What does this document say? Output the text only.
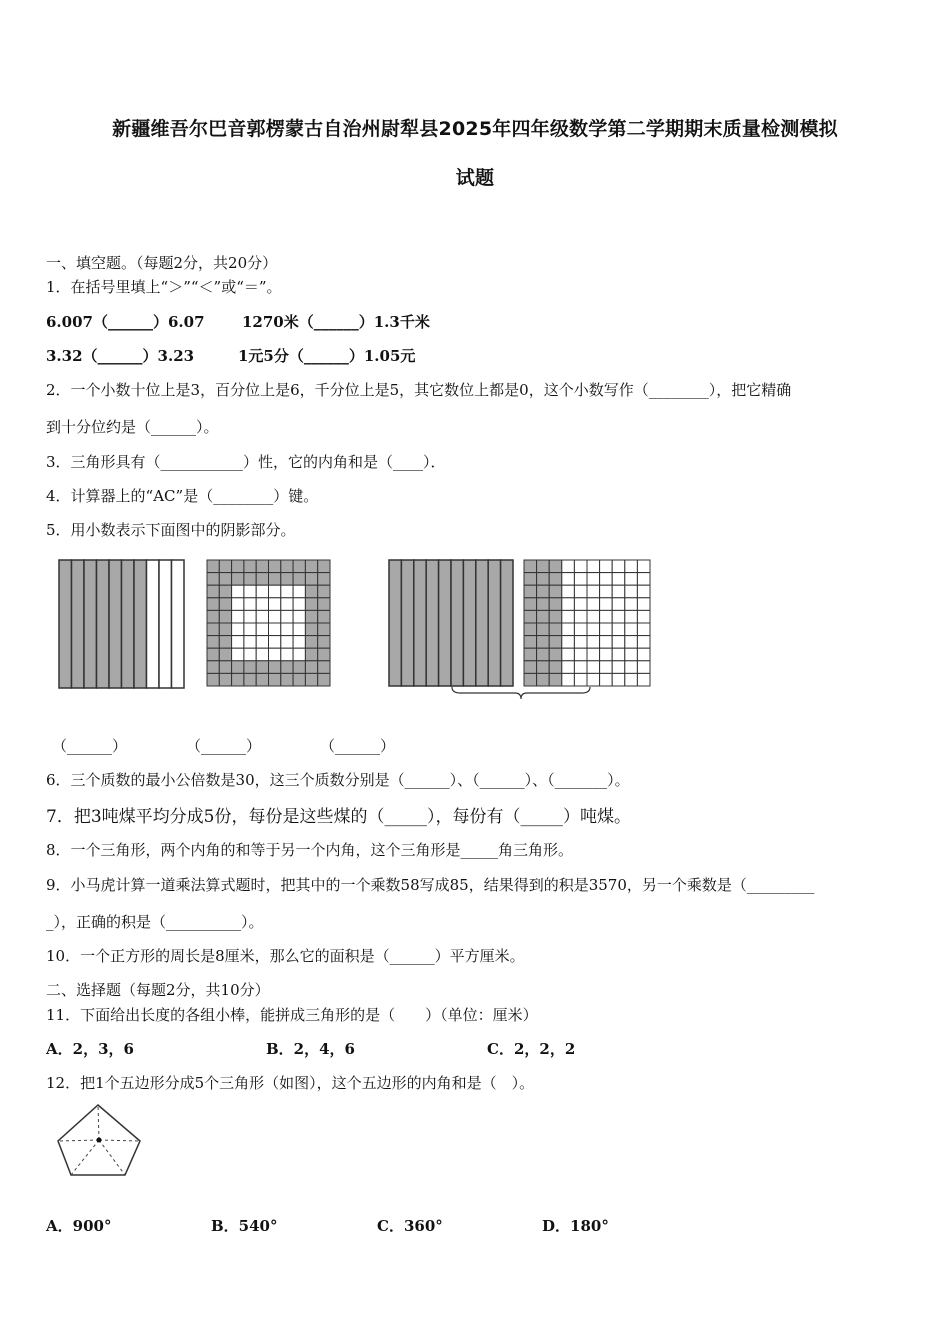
新疆维吾尔巴音郭楞蒙古自治州尉犁县2025年四年级数学第二学期期末质量检测模拟
试题
一、填空题。（每题2分，共20分）
1．在括号里填上“＞”“＜”或“＝”。
6.007（______）6.07 1270米（______）1.3千米
3.32（______）3.23	1元5分（______）1.05元
2．一个小数十位上是3，百分位上是6，千分位上是5，其它数位上都是0，这个小数写作（________），把它精确
到十分位约是（______）。
3．三角形具有（___________）性，它的内角和是（____）．
4．计算器上的“AC”是（________）键。
5．用小数表示下面图中的阴影部分。
（______）	（______）	（______）
6．三个质数的最小公倍数是30，这三个质数分别是（______）、（______）、（_______）。
7．把3吨煤平均分成5份，每份是这些煤的（_____），每份有（_____）吨煤。
8．一个三角形，两个内角的和等于另一个内角，这个三角形是_____角三角形。
9．小马虎计算一道乘法算式题时，把其中的一个乘数58写成85，结果得到的积是3570，另一个乘数是（_________
_），正确的积是（__________）。
10．一个正方形的周长是8厘米，那么它的面积是（______）平方厘米。
二、选择题（每题2分，共10分）
11．下面给出长度的各组小棒，能拼成三角形的是（　　）（单位：厘米）
A．2，3，6	B．2，4，6	C．2，2，2
12．把1个五边形分成5个三角形（如图），这个五边形的内角和是（　）。
A．900°	B．540°	C．360°	D．180°
